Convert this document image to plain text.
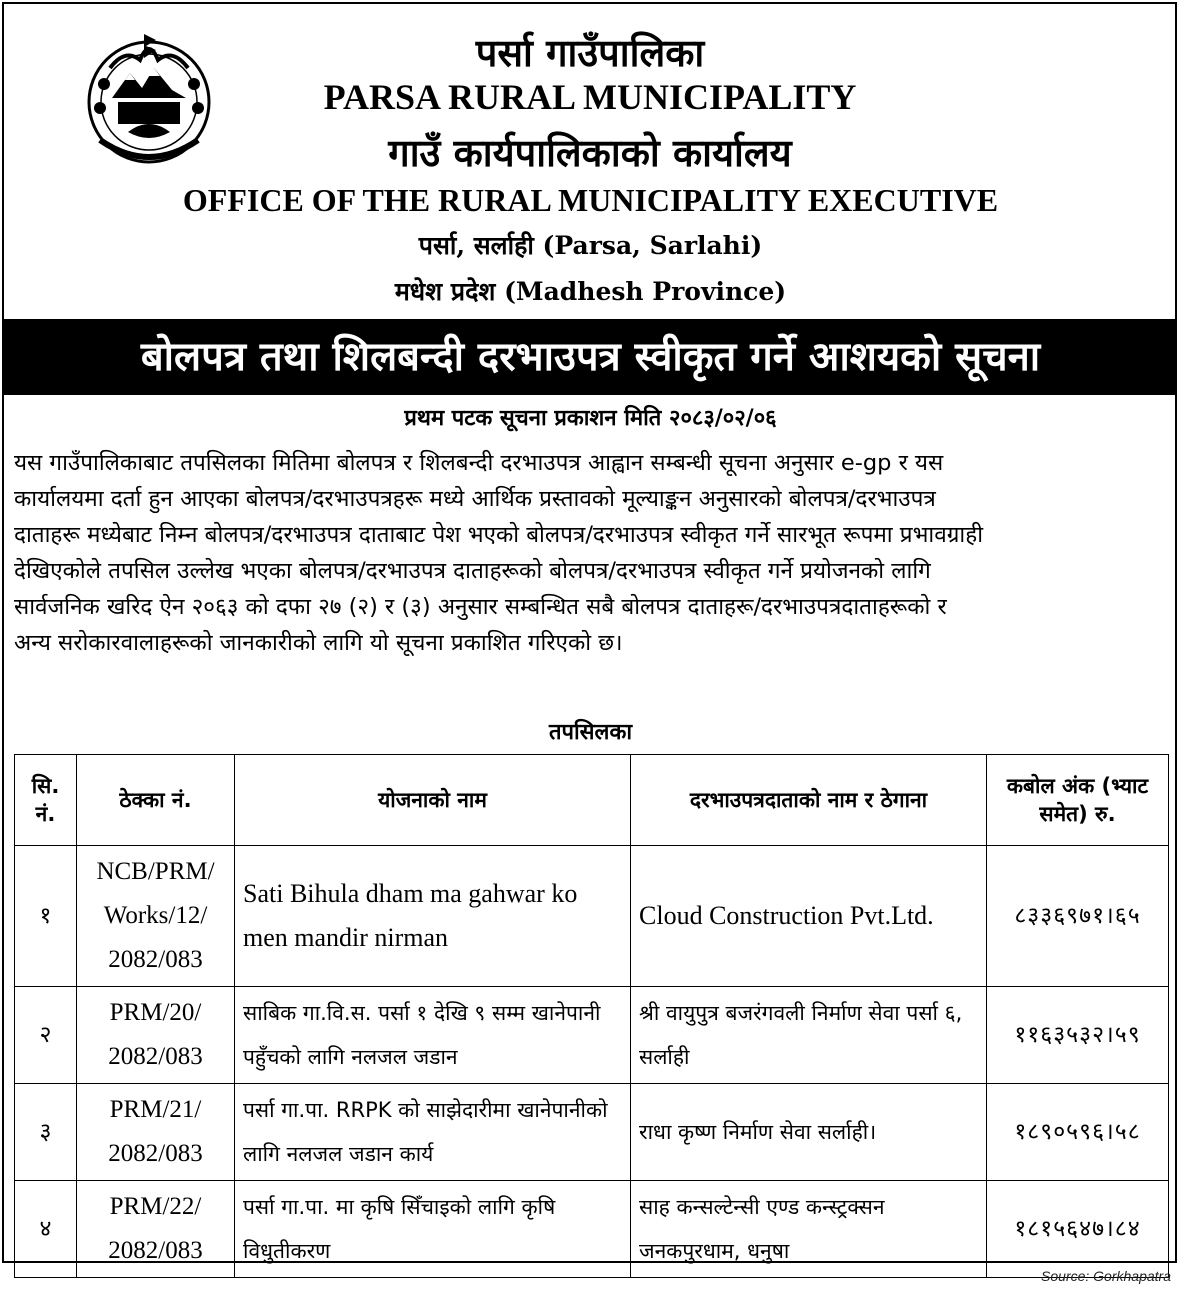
पर्सा गाउँपालिका
PARSA RURAL MUNICIPALITY
गाउँ कार्यपालिकाको कार्यालय
OFFICE OF THE RURAL MUNICIPALITY EXECUTIVE
पर्सा, सर्लाही (Parsa, Sarlahi)
मधेश प्रदेश (Madhesh Province)
बोलपत्र तथा शिलबन्दी दरभाउपत्र स्वीकृत गर्ने आशयको सूचना
प्रथम पटक सूचना प्रकाशन मिति २०८३/०२/०६
यस गाउँपालिकाबाट तपसिलका मितिमा बोलपत्र र शिलबन्दी दरभाउपत्र आह्वान सम्बन्धी सूचना अनुसार e-gp र यस
कार्यालयमा दर्ता हुन आएका बोलपत्र/दरभाउपत्रहरू मध्ये आर्थिक प्रस्तावको मूल्याङ्कन अनुसारको बोलपत्र/दरभाउपत्र
दाताहरू मध्येबाट निम्न बोलपत्र/दरभाउपत्र दाताबाट पेश भएको बोलपत्र/दरभाउपत्र स्वीकृत गर्ने सारभूत रूपमा प्रभावग्राही
देखिएकोले तपसिल उल्लेख भएका बोलपत्र/दरभाउपत्र दाताहरूको बोलपत्र/दरभाउपत्र स्वीकृत गर्ने प्रयोजनको लागि
सार्वजनिक खरिद ऐन २०६३ को दफा २७ (२) र (३) अनुसार सम्बन्धित सबै बोलपत्र दाताहरू/दरभाउपत्रदाताहरूको र
अन्य सरोकारवालाहरूको जानकारीको लागि यो सूचना प्रकाशित गरिएको छ।
तपसिलका
सि. नं.	ठेक्का नं.	योजनाको नाम	दरभाउपत्रदाताको नाम र ठेगाना	कबोल अंक (भ्याट समेत) रु.
१	NCB/PRM/ Works/12/ 2082/083	Sati Bihula dham ma gahwar ko men mandir nirman	Cloud Construction Pvt.Ltd.	८३३६९७१।६५
२	PRM/20/ 2082/083	साबिक गा.वि.स. पर्सा १ देखि ९ सम्म खानेपानी पहुँचको लागि नलजल जडान	श्री वायुपुत्र बजरंगवली निर्माण सेवा पर्सा ६, सर्लाही	११६३५३२।५९
३	PRM/21/ 2082/083	पर्सा गा.पा. RRPK को साझेदारीमा खानेपानीको लागि नलजल जडान कार्य	राधा कृष्ण निर्माण सेवा सर्लाही।	१८९०५९६।५८
४	PRM/22/ 2082/083	पर्सा गा.पा. मा कृषि सिँचाइको लागि कृषि विधुतीकरण	साह कन्सल्टेन्सी एण्ड कन्स्ट्रक्सन जनकपुरधाम, धनुषा	१८१५६४७।८४
Source: Gorkhapatra
